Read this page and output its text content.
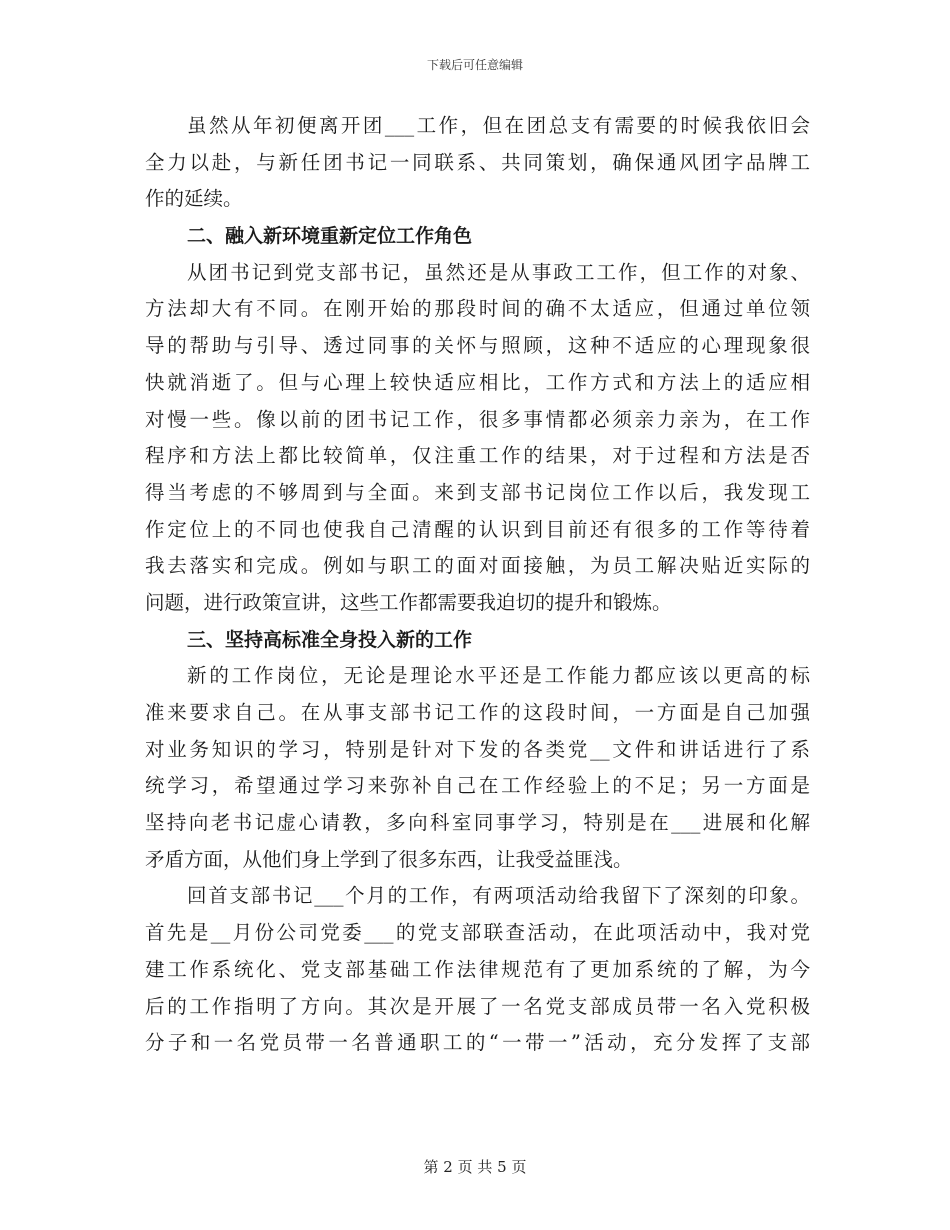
下载后可任意编辑
虽然从年初便离开团___工作，但在团总支有需要的时候我依旧会
全力以赴，与新任团书记一同联系、共同策划，确保通风团字品牌工
作的延续。
二、融入新环境重新定位工作角色
从团书记到党支部书记，虽然还是从事政工工作，但工作的对象、
方法却大有不同。在刚开始的那段时间的确不太适应，但通过单位领
导的帮助与引导、透过同事的关怀与照顾，这种不适应的心理现象很
快就消逝了。但与心理上较快适应相比，工作方式和方法上的适应相
对慢一些。像以前的团书记工作，很多事情都必须亲力亲为，在工作
程序和方法上都比较简单，仅注重工作的结果，对于过程和方法是否
得当考虑的不够周到与全面。来到支部书记岗位工作以后，我发现工
作定位上的不同也使我自己清醒的认识到目前还有很多的工作等待着
我去落实和完成。例如与职工的面对面接触，为员工解决贴近实际的
问题，进行政策宣讲，这些工作都需要我迫切的提升和锻炼。
三、坚持高标准全身投入新的工作
新的工作岗位，无论是理论水平还是工作能力都应该以更高的标
准来要求自己。在从事支部书记工作的这段时间，一方面是自己加强
对业务知识的学习，特别是针对下发的各类党__文件和讲话进行了系
统学习，希望通过学习来弥补自己在工作经验上的不足；另一方面是
坚持向老书记虚心请教，多向科室同事学习，特别是在___进展和化解
矛盾方面，从他们身上学到了很多东西，让我受益匪浅。
回首支部书记___个月的工作，有两项活动给我留下了深刻的印象。
首先是__月份公司党委___的党支部联查活动，在此项活动中，我对党
建工作系统化、党支部基础工作法律规范有了更加系统的了解，为今
后的工作指明了方向。其次是开展了一名党支部成员带一名入党积极
分子和一名党员带一名普通职工的“一带一”活动，充分发挥了支部
第 2 页 共 5 页
